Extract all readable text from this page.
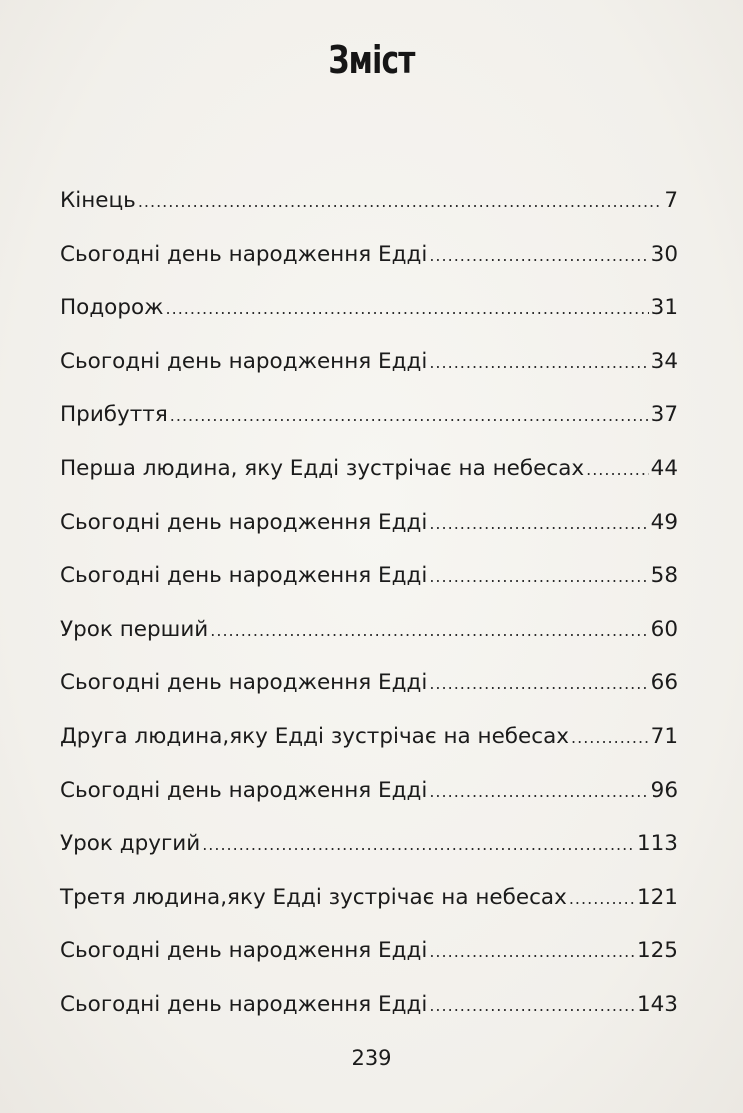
Зміст
Кінець .....	7
Сьогодні день народження Едді .....	30
Подорож .....	31
Сьогодні день народження Едді .....	34
Прибуття .....	37
Перша людина, яку Едді зустрічає на небесах .....	44
Сьогодні день народження Едді .....	49
Сьогодні день народження Едді .....	58
Урок перший .....	60
Сьогодні день народження Едді .....	66
Друга людина,яку Едді зустрічає на небесах .....	71
Сьогодні день народження Едді .....	96
Урок другий .....	113
Третя людина,яку Едді зустрічає на небесах .....	121
Сьогодні день народження Едді .....	125
Сьогодні день народження Едді .....	143
239
